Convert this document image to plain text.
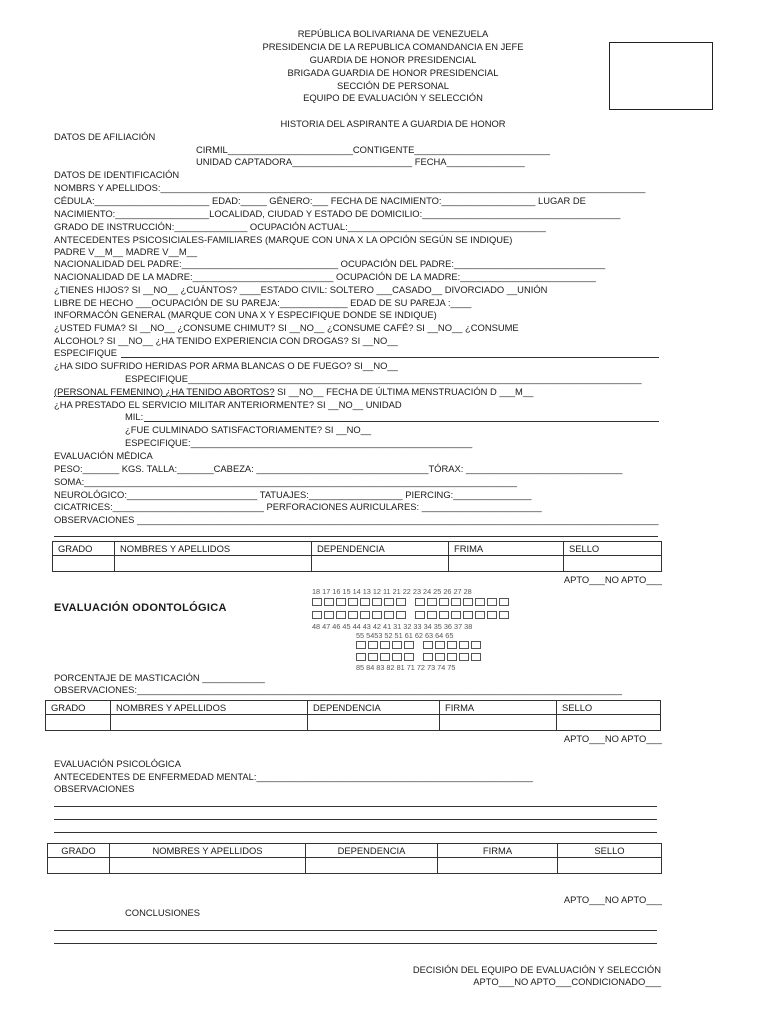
REPÚBLICA BOLIVARIANA DE VENEZUELA
PRESIDENCIA DE LA REPUBLICA COMANDANCIA EN JEFE
GUARDIA DE HONOR PRESIDENCIAL
BRIGADA GUARDIA DE HONOR PRESIDENCIAL
SECCIÓN DE PERSONAL
EQUIPO DE EVALUACIÓN Y SELECCIÓN
HISTORIA DEL ASPIRANTE A GUARDIA DE HONOR
DATOS DE AFILIACIÓN
CIRMIL________________________CONTIGENTE__________________________
UNIDAD CAPTADORA_______________________ FECHA_______________
DATOS DE IDENTIFICACIÓN
NOMBRS Y APELLIDOS:_____________________________________________________________________________________________
CÉDULA:______________________ EDAD:_____ GÉNERO:___ FECHA DE NACIMIENTO:__________________ LUGAR DE
NACIMIENTO:__________________LOCALIDAD, CIUDAD Y ESTADO DE DOMICILIO:______________________________________
GRADO DE INSTRUCCIÓN:______________ OCUPACIÓN ACTUAL:______________________________________
ANTECEDENTES PSICOSICIALES-FAMILIARES (MARQUE CON UNA X LA OPCIÓN SEGÚN SE INDIQUE)
PADRE V__M__ MADRE V__M__
NACIONALIDAD DEL PADRE:______________________________ OCUPACIÓN DEL PADRE:_____________________________
NACIONALIDAD DE LA MADRE:___________________________ OCUPACIÓN DE LA MADRE:__________________________
¿TIENES HIJOS? SI __NO__ ¿CUÁNTOS? ____ESTADO CIVIL: SOLTERO ___CASADO__ DIVORCIADO __UNIÓN
LIBRE DE HECHO ___OCUPACIÓN DE SU PAREJA:_____________ EDAD DE SU PAREJA :____
INFORMACÓN GENERAL (MARQUE CON UNA X Y ESPECIFIQUE DONDE SE INDIQUE)
¿USTED FUMA? SI __NO__ ¿CONSUME CHIMUT? SI __NO__ ¿CONSUME CAFÉ? SI __NO__ ¿CONSUME
ALCOHOL? SI __NO__ ¿HA TENIDO EXPERIENCIA CON DROGAS? SI __NO__
ESPECIFIQUE
¿HA SIDO SUFRIDO HERIDAS POR ARMA BLANCAS O DE FUEGO? SI__NO__
ESPECIFIQUE_______________________________________________________________________________________
(PERSONAL FEMENINO) ¿HA TENIDO ABORTOS? SI __NO__ FECHA DE ÚLTIMA MENSTRUACIÓN D ___M__
¿HA PRESTADO EL SERVICIO MILITAR ANTERIORMENTE? SI __NO__ UNIDAD
MIL:
¿FUE CULMINADO SATISFACTORIAMENTE? SI __NO__
ESPECIFIQUE:______________________________________________________
EVALUACIÓN MÉDICA
PESO:_______ KGS. TALLA:_______CABEZA: _________________________________TÓRAX: ______________________________
SOMA:___________________________________________________________________________________
NEUROLÓGICO:_________________________ TATUAJES:__________________ PIERCING:_______________
CICATRICES:_____________________________ PERFORACIONES AURICULARES: _______________________
OBSERVACIONES ____________________________________________________________________________________________________
GRADO	NOMBRES Y APELLIDOS	DEPENDENCIA	FRIMA	SELLO

APTO___NO APTO___
EVALUACIÓN ODONTOLÓGICA
18 17 16 15 14 13 12 11 21 22 23 24 25 26 27 28
48 47 46 45 44 43 42 41 31 32 33 34 35 36 37 38
55 5453 52 51 61 62 63 64 65
85 84 83 82 81 71 72 73 74 75
PORCENTAJE DE MASTICACIÓN ____________
OBSERVACIONES:_____________________________________________________________________________________________
GRADO	NOMBRES Y APELLIDOS	DEPENDENCIA	FIRMA	SELLO

APTO___NO APTO___
EVALUACIÓN PSICOLÓGICA
ANTECEDENTES DE ENFERMEDAD MENTAL:_____________________________________________________
OBSERVACIONES
GRADO	NOMBRES Y APELLIDOS	DEPENDENCIA	FIRMA	SELLO

APTO___NO APTO___
CONCLUSIONES
DECISIÓN DEL EQUIPO DE EVALUACIÓN Y SELECCIÓN
APTO___NO APTO___CONDICIONADO___
